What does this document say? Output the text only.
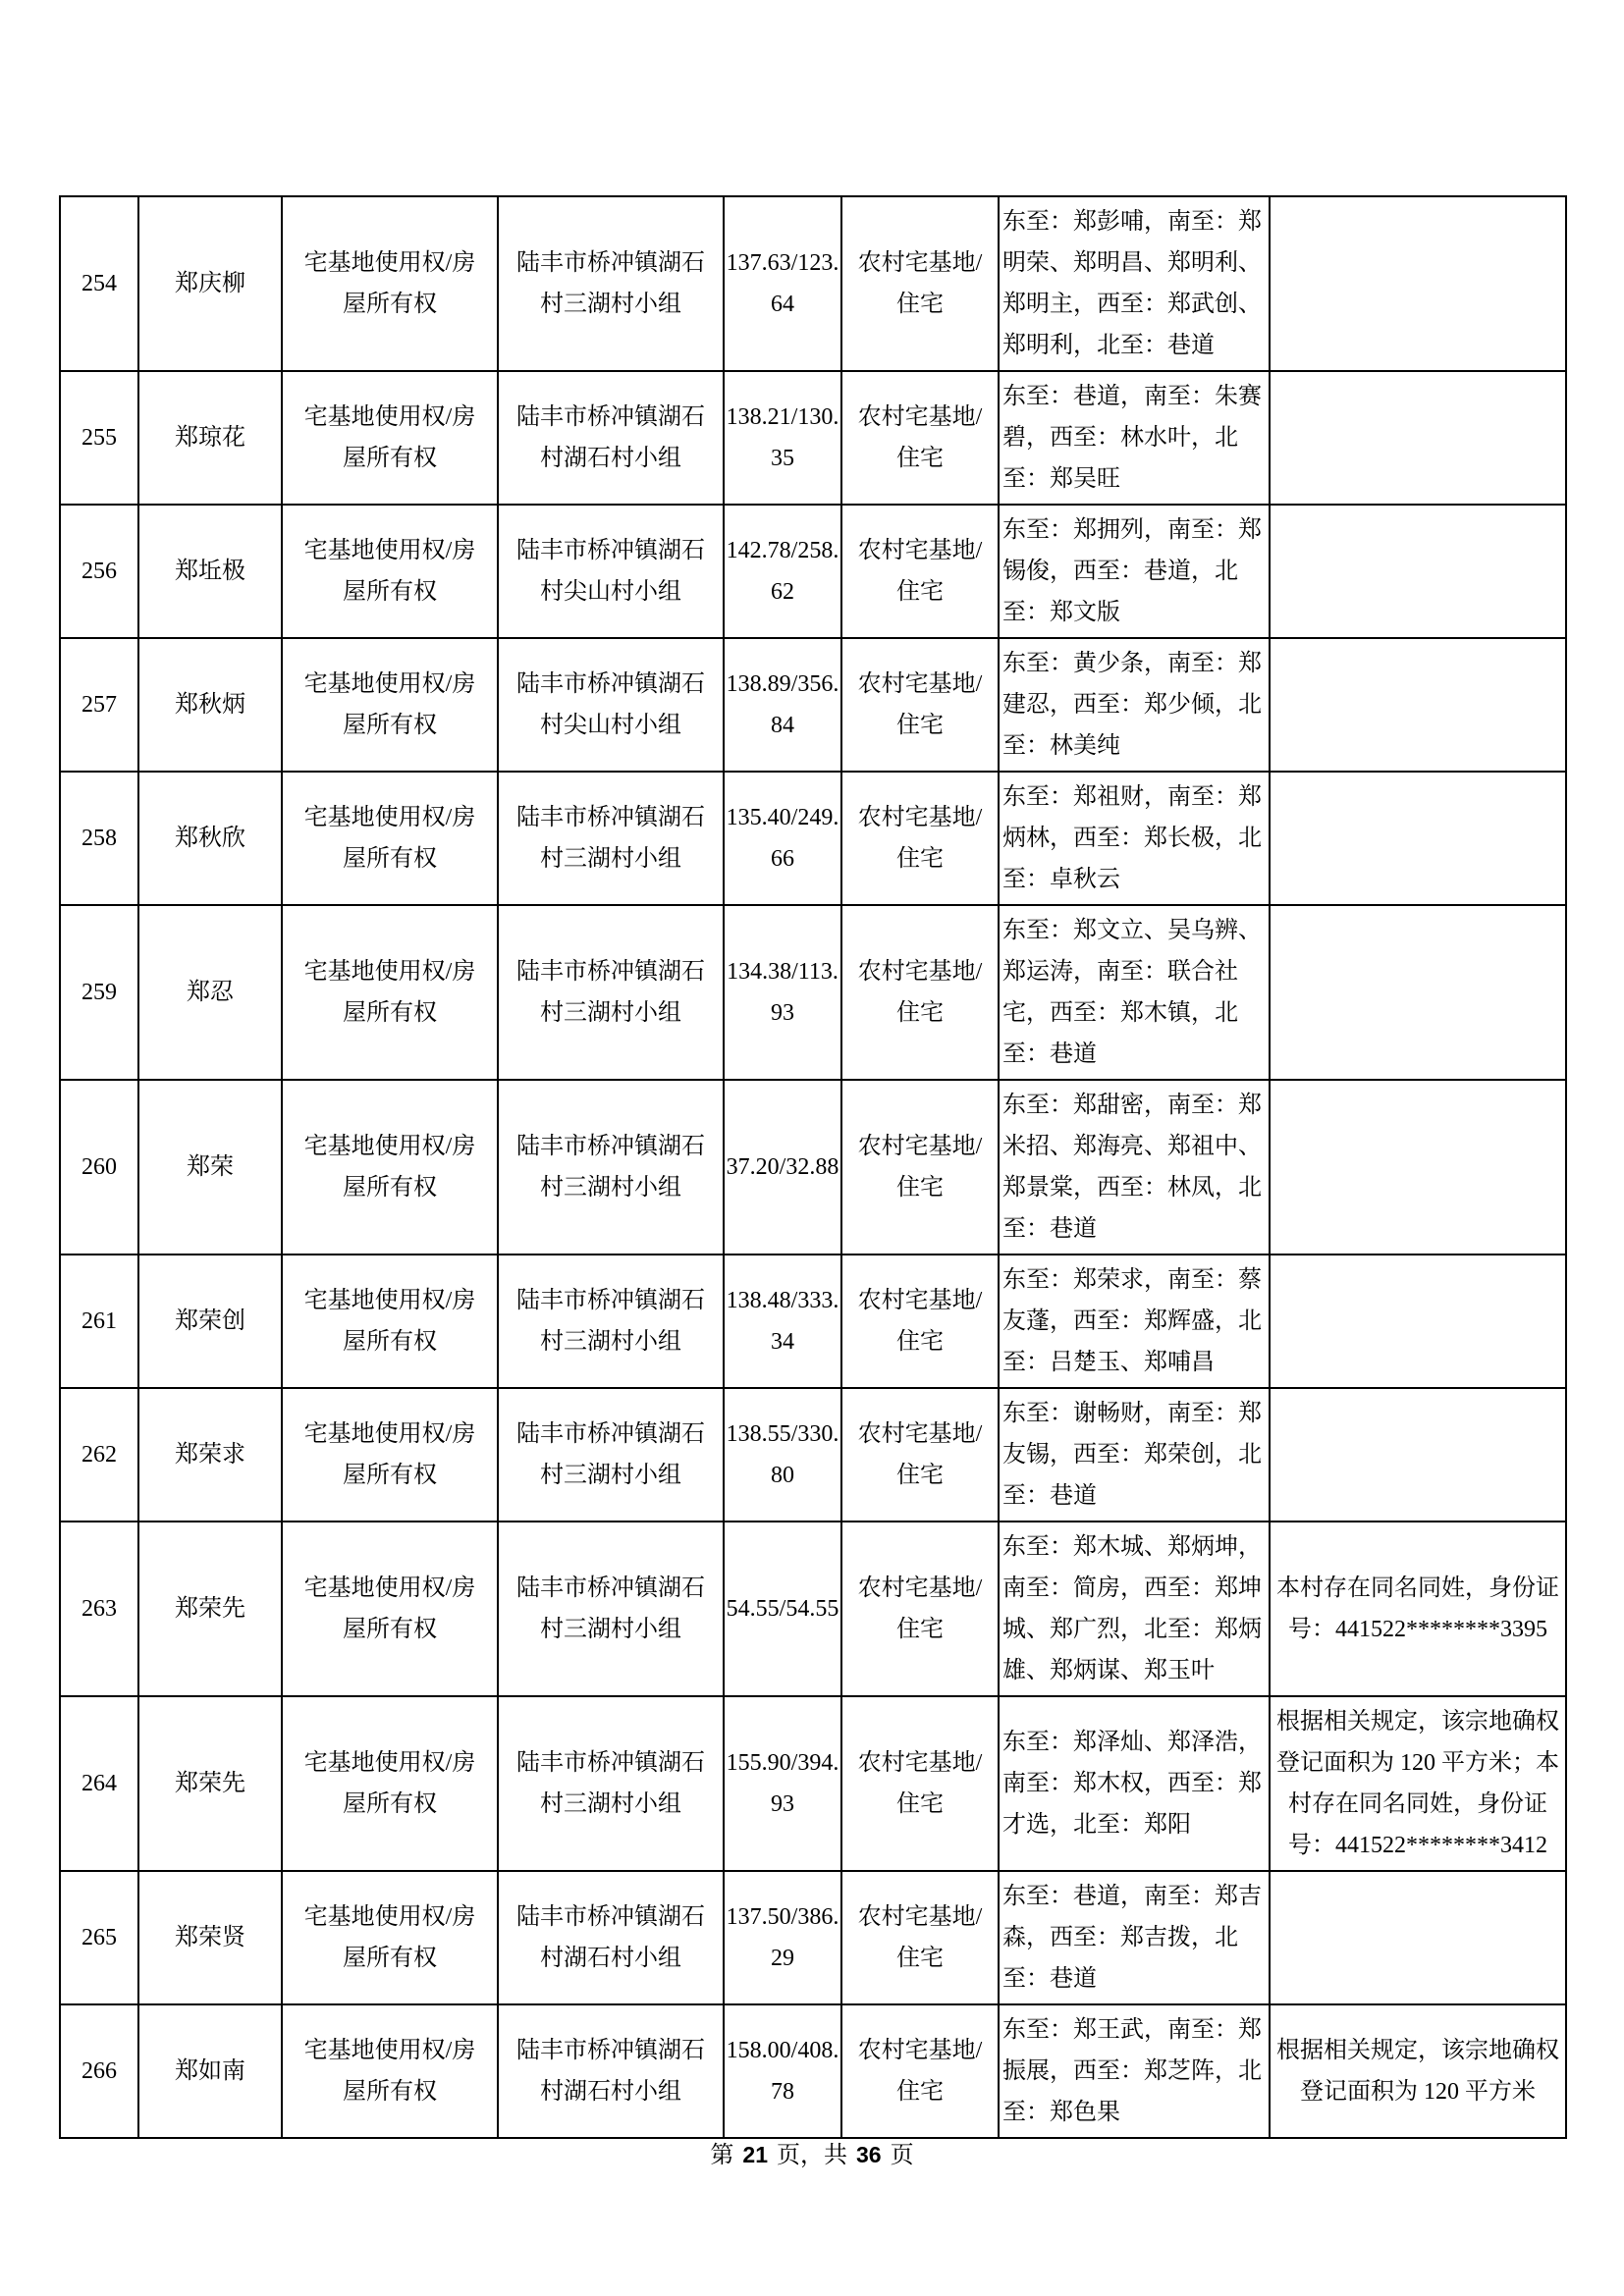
254	郑庆柳	宅基地使用权/房屋所有权	陆丰市桥冲镇湖石村三湖村小组	137.63/123.64	农村宅基地/住宅	东至：郑彭哺，南至：郑明荣、郑明昌、郑明利、郑明主，西至：郑武创、郑明利，北至：巷道	
255	郑琼花	宅基地使用权/房屋所有权	陆丰市桥冲镇湖石村湖石村小组	138.21/130.35	农村宅基地/住宅	东至：巷道，南至：朱赛碧，西至：林水叶，北至：郑吴旺	
256	郑坵极	宅基地使用权/房屋所有权	陆丰市桥冲镇湖石村尖山村小组	142.78/258.62	农村宅基地/住宅	东至：郑拥列，南至：郑锡俊，西至：巷道，北至：郑文版	
257	郑秋炳	宅基地使用权/房屋所有权	陆丰市桥冲镇湖石村尖山村小组	138.89/356.84	农村宅基地/住宅	东至：黄少条，南至：郑建忍，西至：郑少倾，北至：林美纯	
258	郑秋欣	宅基地使用权/房屋所有权	陆丰市桥冲镇湖石村三湖村小组	135.40/249.66	农村宅基地/住宅	东至：郑祖财，南至：郑炳林，西至：郑长极，北至：卓秋云	
259	郑忍	宅基地使用权/房屋所有权	陆丰市桥冲镇湖石村三湖村小组	134.38/113.93	农村宅基地/住宅	东至：郑文立、吴乌辨、郑运涛，南至：联合社宅，西至：郑木镇，北至：巷道	
260	郑荣	宅基地使用权/房屋所有权	陆丰市桥冲镇湖石村三湖村小组	37.20/32.88	农村宅基地/住宅	东至：郑甜密，南至：郑米招、郑海亮、郑祖中、郑景棠，西至：林凤，北至：巷道	
261	郑荣创	宅基地使用权/房屋所有权	陆丰市桥冲镇湖石村三湖村小组	138.48/333.34	农村宅基地/住宅	东至：郑荣求，南至：蔡友蓬，西至：郑辉盛，北至：吕楚玉、郑哺昌	
262	郑荣求	宅基地使用权/房屋所有权	陆丰市桥冲镇湖石村三湖村小组	138.55/330.80	农村宅基地/住宅	东至：谢畅财，南至：郑友锡，西至：郑荣创，北至：巷道	
263	郑荣先	宅基地使用权/房屋所有权	陆丰市桥冲镇湖石村三湖村小组	54.55/54.55	农村宅基地/住宅	东至：郑木城、郑炳坤，南至：简房，西至：郑坤城、郑广烈，北至：郑炳雄、郑炳谋、郑玉叶	本村存在同名同姓，身份证号：441522********3395
264	郑荣先	宅基地使用权/房屋所有权	陆丰市桥冲镇湖石村三湖村小组	155.90/394.93	农村宅基地/住宅	东至：郑泽灿、郑泽浩，南至：郑木权，西至：郑才选，北至：郑阳	根据相关规定，该宗地确权登记面积为 120 平方米；本村存在同名同姓，身份证号：441522********3412
265	郑荣贤	宅基地使用权/房屋所有权	陆丰市桥冲镇湖石村湖石村小组	137.50/386.29	农村宅基地/住宅	东至：巷道，南至：郑吉森，西至：郑吉拨，北至：巷道	
266	郑如南	宅基地使用权/房屋所有权	陆丰市桥冲镇湖石村湖石村小组	158.00/408.78	农村宅基地/住宅	东至：郑王武，南至：郑振展，西至：郑芝阵，北至：郑色果	根据相关规定，该宗地确权登记面积为 120 平方米
第 21 页，共 36 页
